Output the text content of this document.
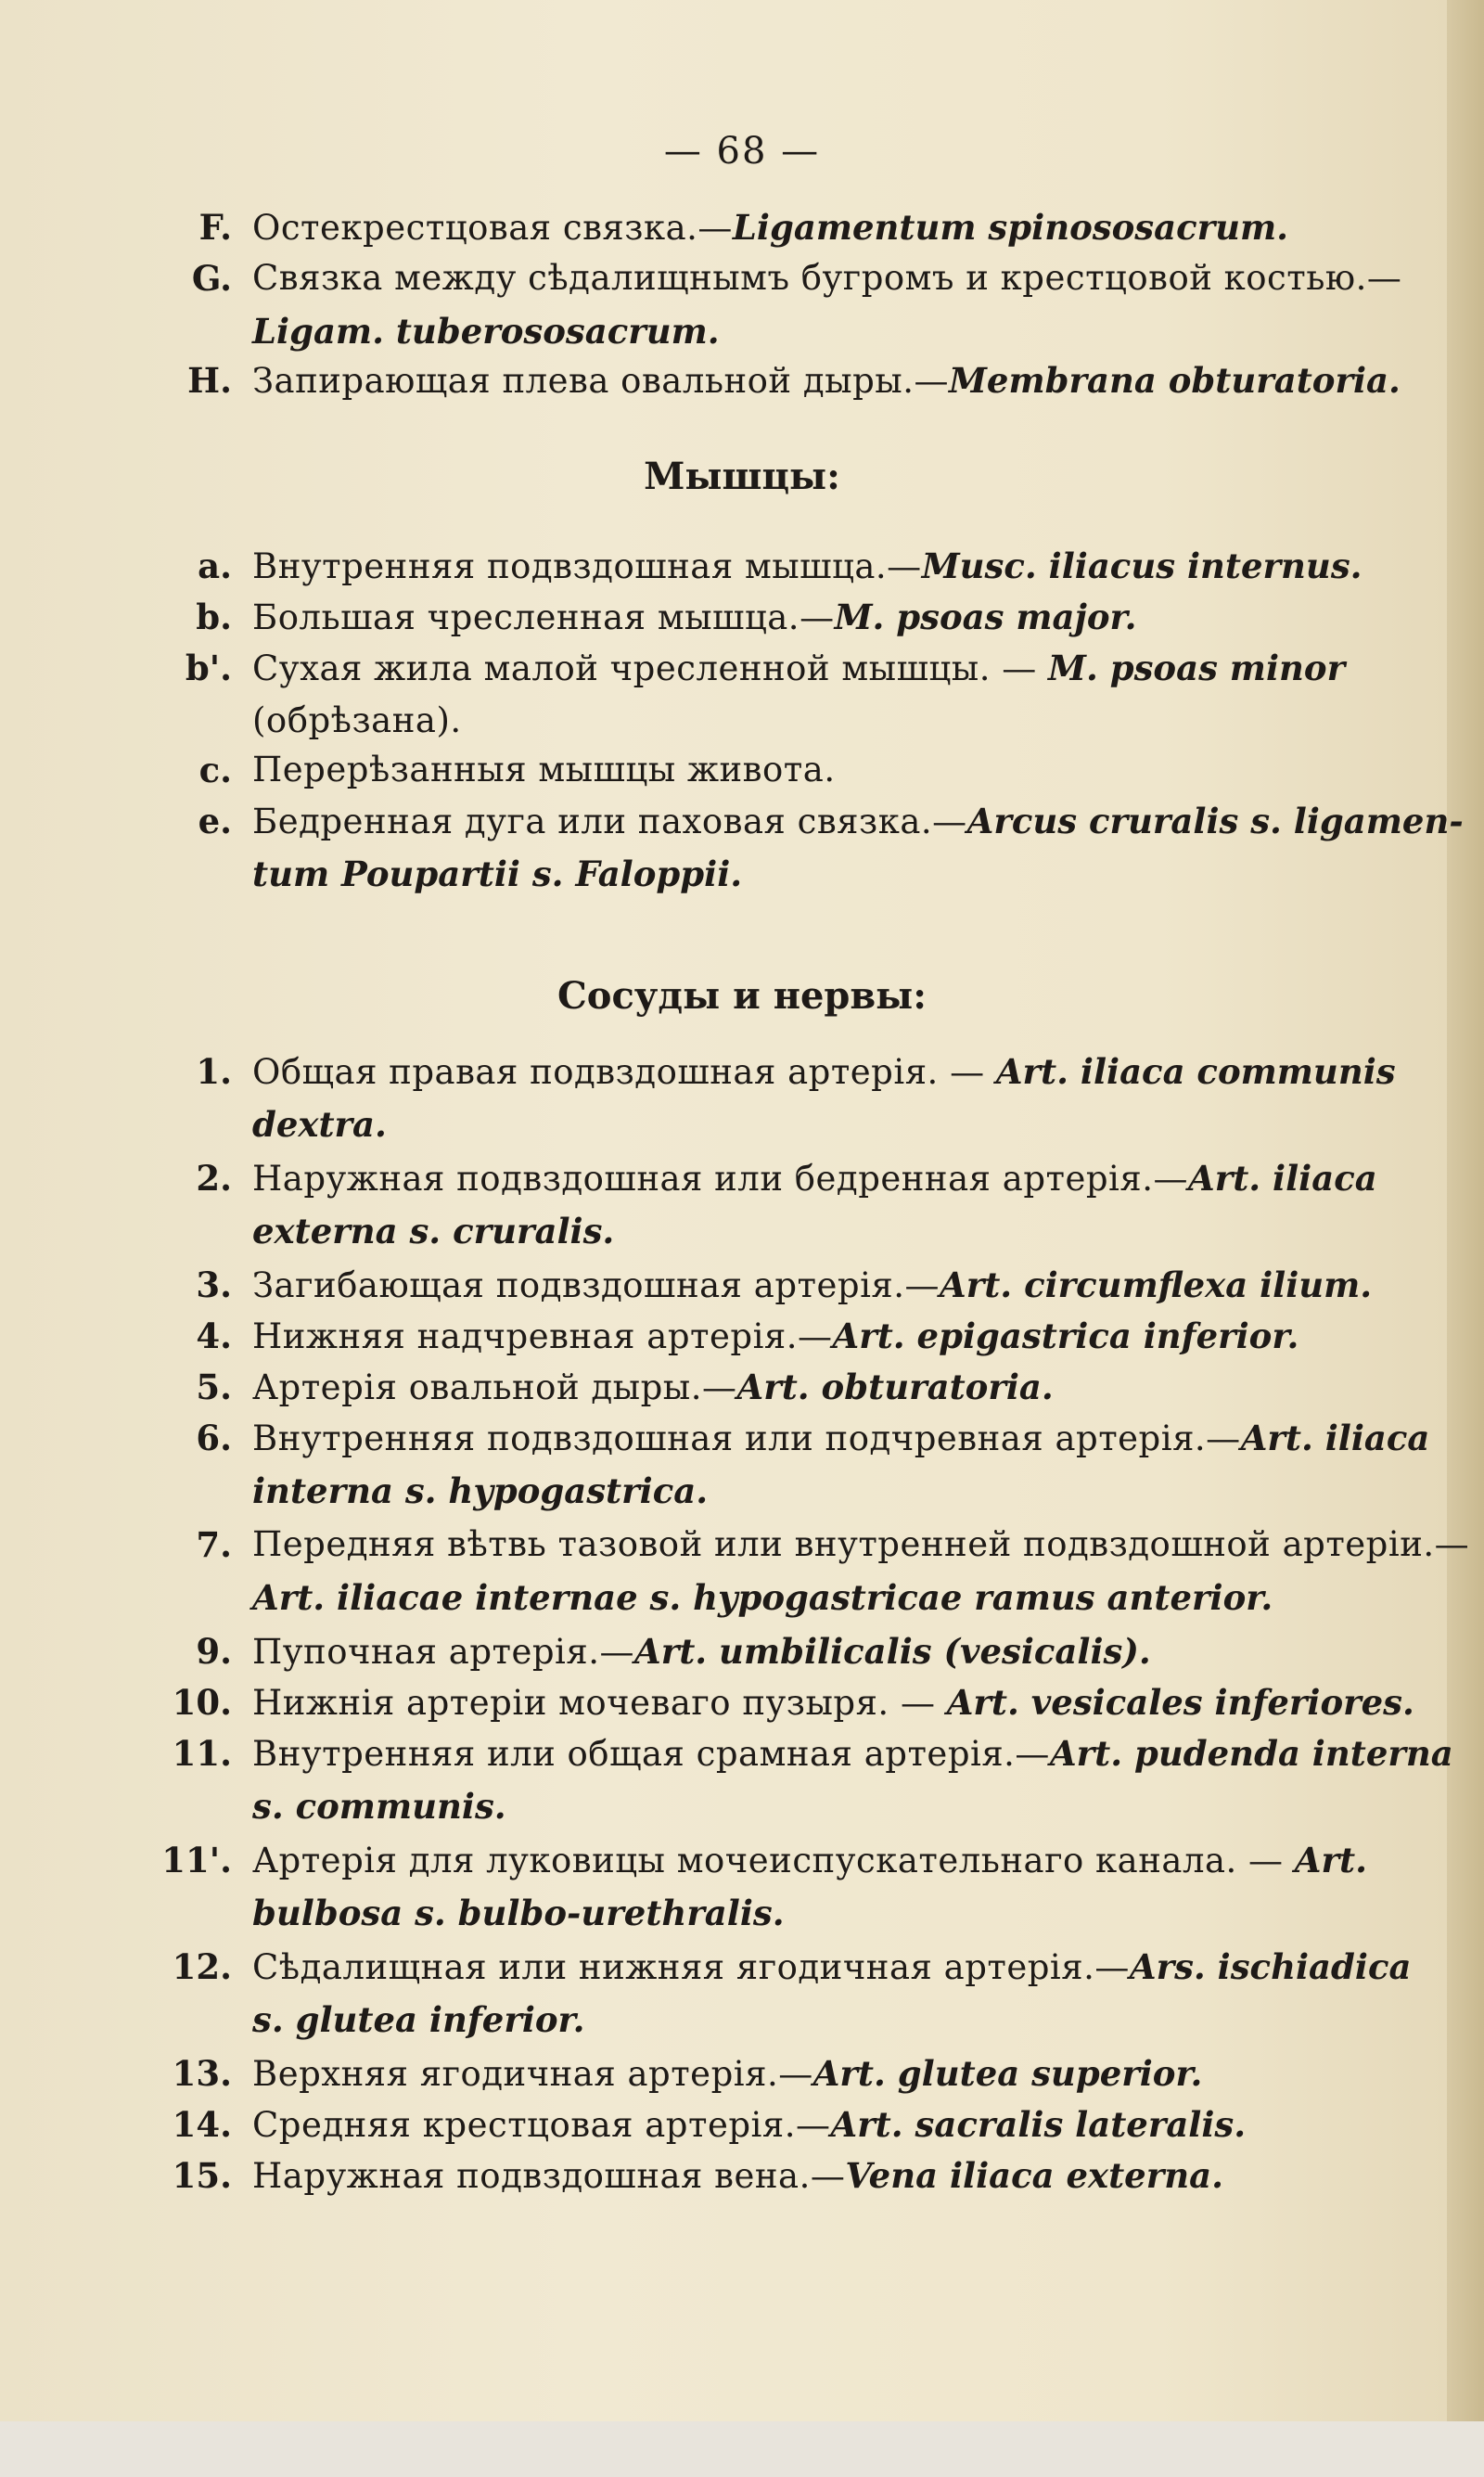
— 68 —
F. Остекрестцовая связка.—Ligamentum spinososacrum.
G. Связка между сѣдалищнымъ бугромъ и крестцовой костью.—
Ligam. tuberososacrum.
H. Запирающая плева овальной дыры.—Membrana obturatoria.
a. Внутренняя подвздошная мышца.—Musc. iliacus internus.
b. Большая чресленная мышца.—M. psoas major.
b'. Сухая жила малой чресленной мышцы. — M. psoas minor
(обрѣзана).
c. Перерѣзанныя мышцы живота.
e. Бедренная дуга или паховая связка.—Arcus cruralis s. ligamen-
tum Poupartii s. Faloppii.
1. Общая правая подвздошная артерія. — Art. iliaca communis
dextra.
2. Наружная подвздошная или бедренная артерія.—Art. iliaca
externa s. cruralis.
3. Загибающая подвздошная артерія.—Art. circumflexa ilium.
4. Нижняя надчревная артерія.—Art. epigastrica inferior.
5. Артерія овальной дыры.—Art. obturatoria.
6. Внутренняя подвздошная или подчревная артерія.—Art. iliaca
interna s. hypogastrica.
7. Передняя вѣтвь тазовой или внутренней подвздошной артеріи.—
Art. iliacae internae s. hypogastricae ramus anterior.
9. Пупочная артерія.—Art. umbilicalis (vesicalis).
10. Нижнія артеріи мочеваго пузыря. — Art. vesicales inferiores.
11. Внутренняя или общая срамная артерія.—Art. pudenda interna
s. communis.
11'. Артерія для луковицы мочеиспускательнаго канала. — Art.
bulbosa s. bulbo-urethralis.
12. Сѣдалищная или нижняя ягодичная артерія.—Ars. ischiadica
s. glutea inferior.
13. Верхняя ягодичная артерія.—Art. glutea superior.
14. Средняя крестцовая артерія.—Art. sacralis lateralis.
15. Наружная подвздошная вена.—Vena iliaca externa.
Мышцы:
Сосуды и нервы:
